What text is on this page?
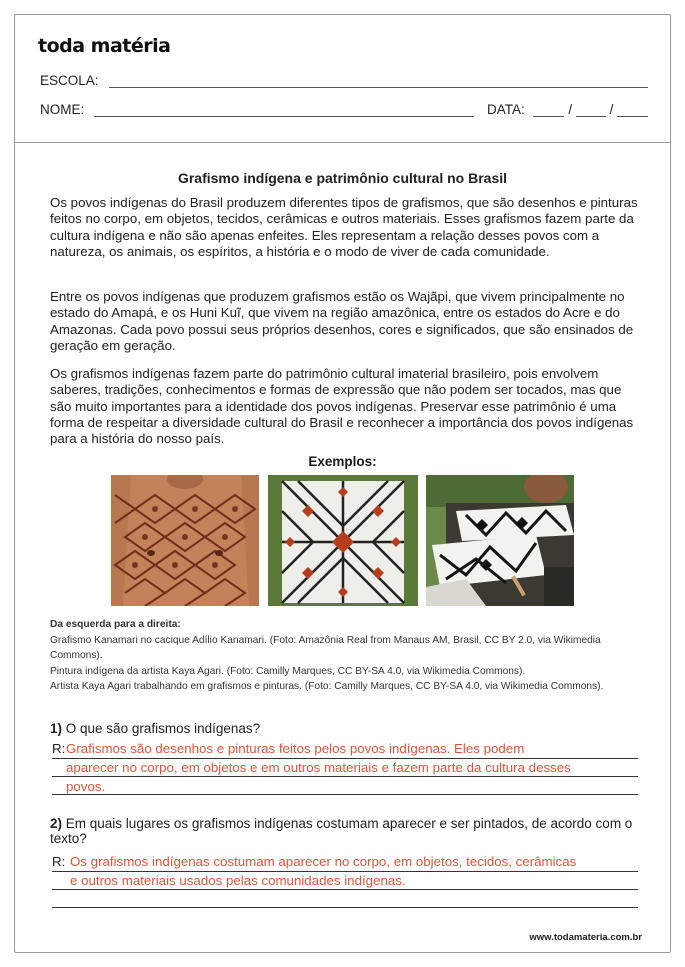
toda matéria
ESCOLA:
NOME:	DATA:	/	/
Grafismo indígena e patrimônio cultural no Brasil

Os povos indígenas do Brasil produzem diferentes tipos de grafismos, que são desenhos e pinturas feitos no corpo, em objetos, tecidos, cerâmicas e outros materiais. Esses grafismos fazem parte da cultura indígena e não são apenas enfeites. Eles representam a relação desses povos com a natureza, os animais, os espíritos, a história e o modo de viver de cada comunidade.

Entre os povos indígenas que produzem grafismos estão os Wajãpi, que vivem principalmente no estado do Amapá, e os Huni Kuĩ, que vivem na região amazônica, entre os estados do Acre e do Amazonas. Cada povo possui seus próprios desenhos, cores e significados, que são ensinados de geração em geração.

Os grafismos indígenas fazem parte do patrimônio cultural imaterial brasileiro, pois envolvem saberes, tradições, conhecimentos e formas de expressão que não podem ser tocados, mas que são muito importantes para a identidade dos povos indígenas. Preservar esse patrimônio é uma forma de respeitar a diversidade cultural do Brasil e reconhecer a importância dos povos indígenas para a história do nosso país.

Exemplos:
Da esquerda para a direita:
Grafismo Kanamari no cacique Adílio Kanamari. (Foto: Amazônia Real from Manaus AM, Brasil, CC BY 2.0, via Wikimedia Commons).
Pintura indígena da artista Kaya Agari. (Foto: Camilly Marques, CC BY-SA 4.0, via Wikimedia Commons).
Artista Kaya Agari trabalhando em grafismos e pinturas. (Foto: Camilly Marques, CC BY-SA 4.0, via Wikimedia Commons).
1) O que são grafismos indígenas?
R: Grafismos são desenhos e pinturas feitos pelos povos indígenas. Eles podem
aparecer no corpo, em objetos e em outros materiais e fazem parte da cultura desses
povos.
2) Em quais lugares os grafismos indígenas costumam aparecer e ser pintados, de acordo com o texto?
R: Os grafismos indígenas costumam aparecer no corpo, em objetos, tecidos, cerâmicas
e outros materiais usados pelas comunidades indígenas.
www.todamateria.com.br
